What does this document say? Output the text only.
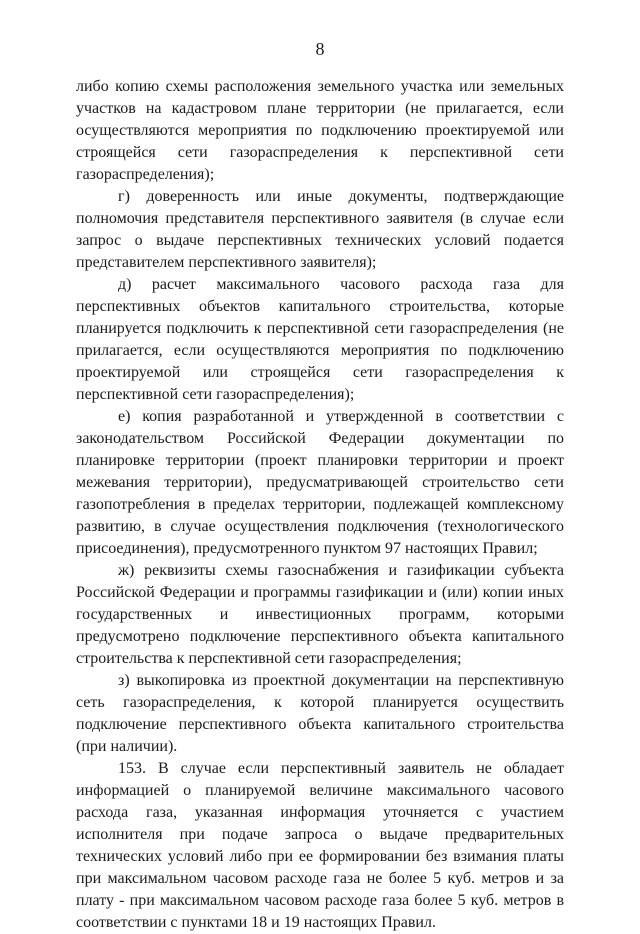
8

либо копию схемы расположения земельного участка или земельных участков на кадастровом плане территории (не прилагается, если осуществляются мероприятия по подключению проектируемой или строящейся сети газораспределения к перспективной сети газораспределения);

г) доверенность или иные документы, подтверждающие полномочия представителя перспективного заявителя (в случае если запрос о выдаче перспективных технических условий подается представителем перспективного заявителя);

д) расчет максимального часового расхода газа для перспективных объектов капитального строительства, которые планируется подключить к перспективной сети газораспределения (не прилагается, если осуществляются мероприятия по подключению проектируемой или строящейся сети газораспределения к перспективной сети газораспределения);

е) копия разработанной и утвержденной в соответствии с законодательством Российской Федерации документации по планировке территории (проект планировки территории и проект межевания территории), предусматривающей строительство сети газопотребления в пределах территории, подлежащей комплексному развитию, в случае осуществления подключения (технологического присоединения), предусмотренного пунктом 97 настоящих Правил;

ж) реквизиты схемы газоснабжения и газификации субъекта Российской Федерации и программы газификации и (или) копии иных государственных и инвестиционных программ, которыми предусмотрено подключение перспективного объекта капитального строительства к перспективной сети газораспределения;

з) выкопировка из проектной документации на перспективную сеть газораспределения, к которой планируется осуществить подключение перспективного объекта капитального строительства (при наличии).

153. В случае если перспективный заявитель не обладает информацией о планируемой величине максимального часового расхода газа, указанная информация уточняется с участием исполнителя при подаче запроса о выдаче предварительных технических условий либо при ее формировании без взимания платы при максимальном часовом расходе газа не более 5 куб. метров и за плату - при максимальном часовом расходе газа более 5 куб. метров в соответствии с пунктами 18 и 19 настоящих Правил.
